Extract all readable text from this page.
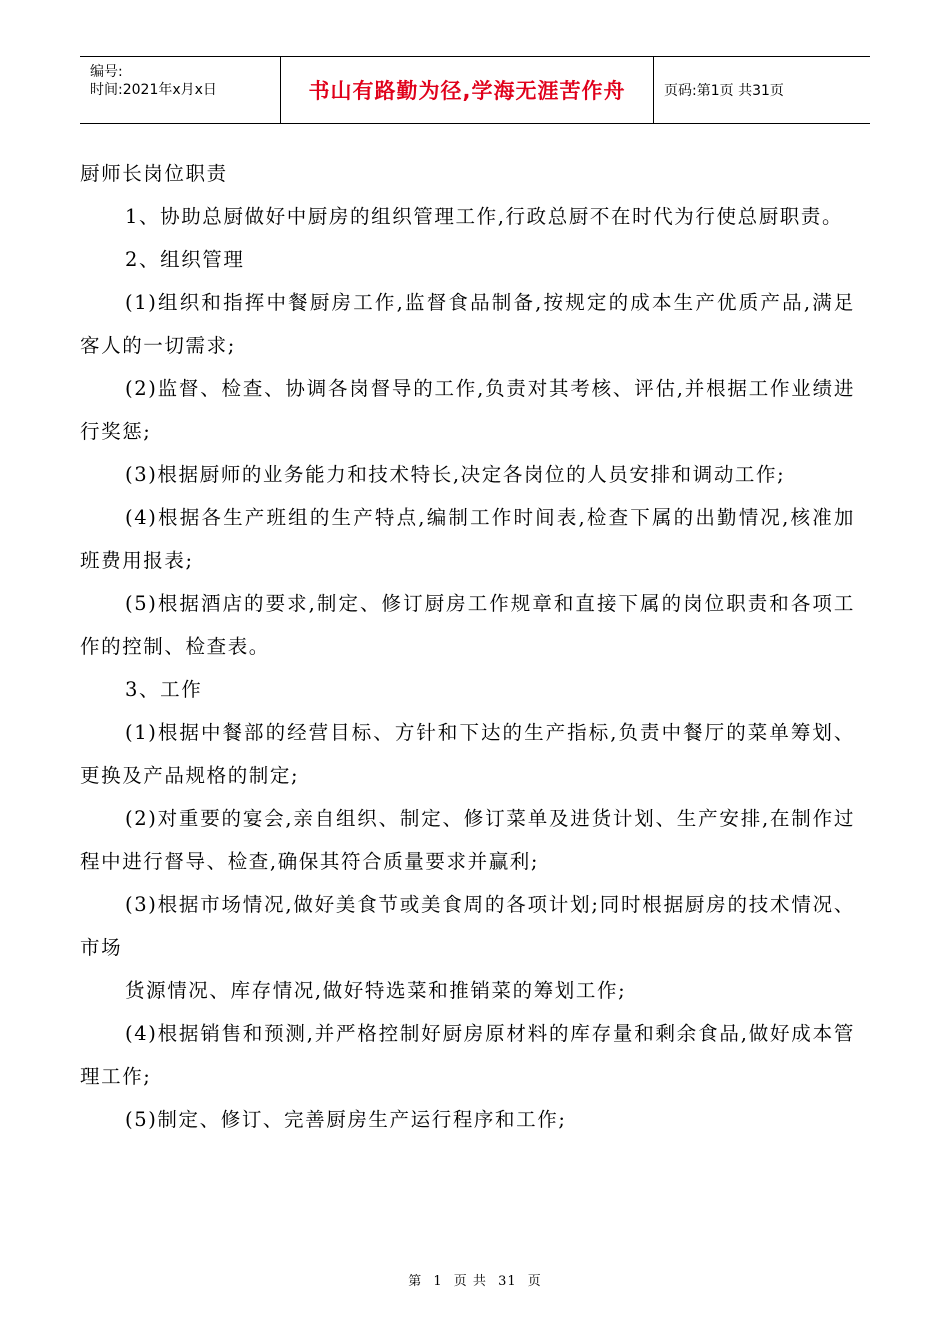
编号:
时间:2021年x月x日	书山有路勤为径,学海无涯苦作舟	页码:第1页 共31页

厨师长岗位职责

1、协助总厨做好中厨房的组织管理工作,行政总厨不在时代为行使总厨职责。

2、组织管理

(1)组织和指挥中餐厨房工作,监督食品制备,按规定的成本生产优质产品,满足客人的一切需求;

(2)监督、检查、协调各岗督导的工作,负责对其考核、评估,并根据工作业绩进行奖惩;

(3)根据厨师的业务能力和技术特长,决定各岗位的人员安排和调动工作;

(4)根据各生产班组的生产特点,编制工作时间表,检查下属的出勤情况,核准加班费用报表;

(5)根据酒店的要求,制定、修订厨房工作规章和直接下属的岗位职责和各项工作的控制、检查表。

3、工作

(1)根据中餐部的经营目标、方针和下达的生产指标,负责中餐厅的菜单筹划、更换及产品规格的制定;

(2)对重要的宴会,亲自组织、制定、修订菜单及进货计划、生产安排,在制作过程中进行督导、检查,确保其符合质量要求并赢利;

(3)根据市场情况,做好美食节或美食周的各项计划;同时根据厨房的技术情况、市场

货源情况、库存情况,做好特选菜和推销菜的筹划工作;

(4)根据销售和预测,并严格控制好厨房原材料的库存量和剩余食品,做好成本管理工作;

(5)制定、修订、完善厨房生产运行程序和工作;

第 1 页 共 31 页
